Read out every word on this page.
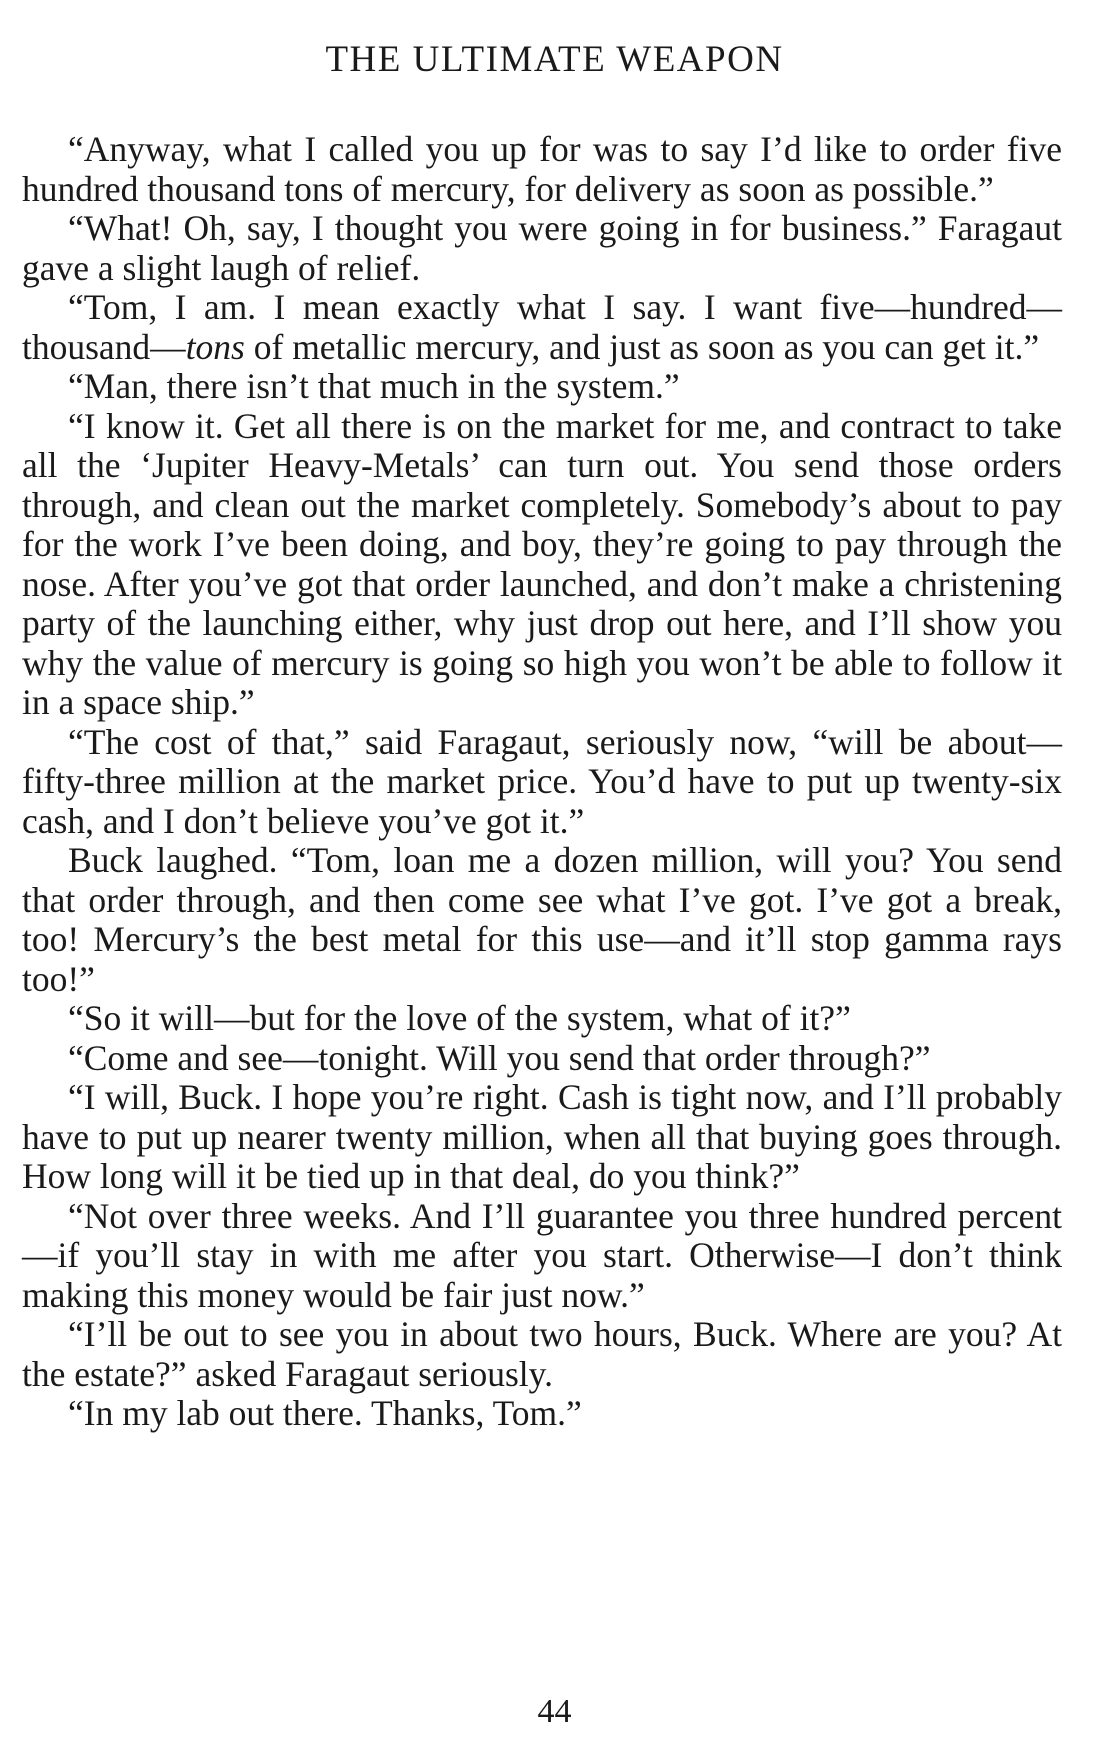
THE ULTIMATE WEAPON

“Anyway, what I called you up for was to say I’d like to order five hundred thousand tons of mercury, for delivery as soon as possible.”

“What! Oh, say, I thought you were going in for business.” Faragaut gave a slight laugh of relief.

“Tom, I am. I mean exactly what I say. I want five—hundred—thousand—tons of metallic mercury, and just as soon as you can get it.”

“Man, there isn’t that much in the system.”

“I know it. Get all there is on the market for me, and contract to take all the ‘Jupiter Heavy-Metals’ can turn out. You send those orders through, and clean out the market completely. Somebody’s about to pay for the work I’ve been doing, and boy, they’re going to pay through the nose. After you’ve got that order launched, and don’t make a christening party of the launching either, why just drop out here, and I’ll show you why the value of mercury is going so high you won’t be able to follow it in a space ship.”

“The cost of that,” said Faragaut, seriously now, “will be about—fifty-three million at the market price. You’d have to put up twenty-six cash, and I don’t believe you’ve got it.”

Buck laughed. “Tom, loan me a dozen million, will you? You send that order through, and then come see what I’ve got. I’ve got a break, too! Mercury’s the best metal for this use—and it’ll stop gamma rays too!”

“So it will—but for the love of the system, what of it?”

“Come and see—tonight. Will you send that order through?”

“I will, Buck. I hope you’re right. Cash is tight now, and I’ll probably have to put up nearer twenty million, when all that buying goes through. How long will it be tied up in that deal, do you think?”

“Not over three weeks. And I’ll guarantee you three hundred percent—if you’ll stay in with me after you start. Otherwise—I don’t think making this money would be fair just now.”

“I’ll be out to see you in about two hours, Buck. Where are you? At the estate?” asked Faragaut seriously.

“In my lab out there. Thanks, Tom.”

44
